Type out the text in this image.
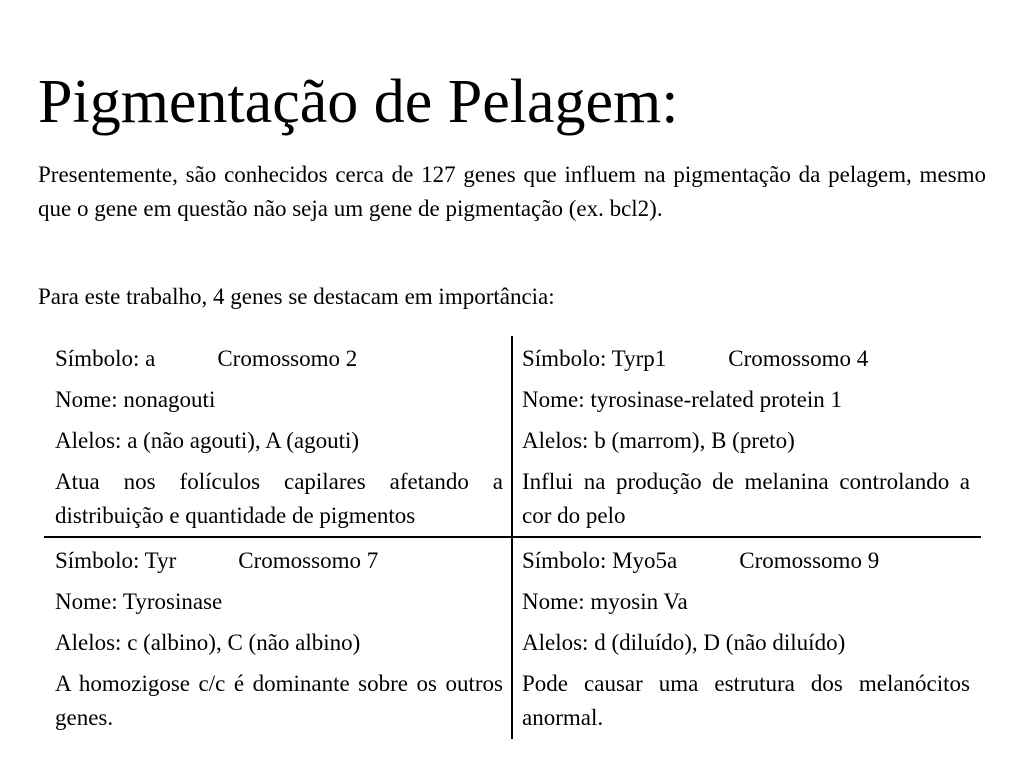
Pigmentação de Pelagem:
Presentemente, são conhecidos cerca de 127 genes que influem na pigmentação da pelagem, mesmo que o gene em questão não seja um gene de pigmentação (ex. bcl2).
Para este trabalho, 4 genes se destacam em importância:
Símbolo: a	Cromossomo 2
Nome: nonagouti
Alelos: a (não agouti), A (agouti)
Atua nos folículos capilares afetando a distribuição e quantidade de pigmentos
Símbolo: Tyrp1	Cromossomo 4
Nome: tyrosinase-related protein 1
Alelos: b (marrom), B (preto)
Influi na produção de melanina controlando a cor do pelo
Símbolo: Tyr	Cromossomo 7
Nome: Tyrosinase
Alelos: c (albino), C (não albino)
A homozigose c/c é dominante sobre os outros genes.
Símbolo: Myo5a	Cromossomo 9
Nome: myosin Va
Alelos: d (diluído), D (não diluído)
Pode causar uma estrutura dos melanócitos anormal.
